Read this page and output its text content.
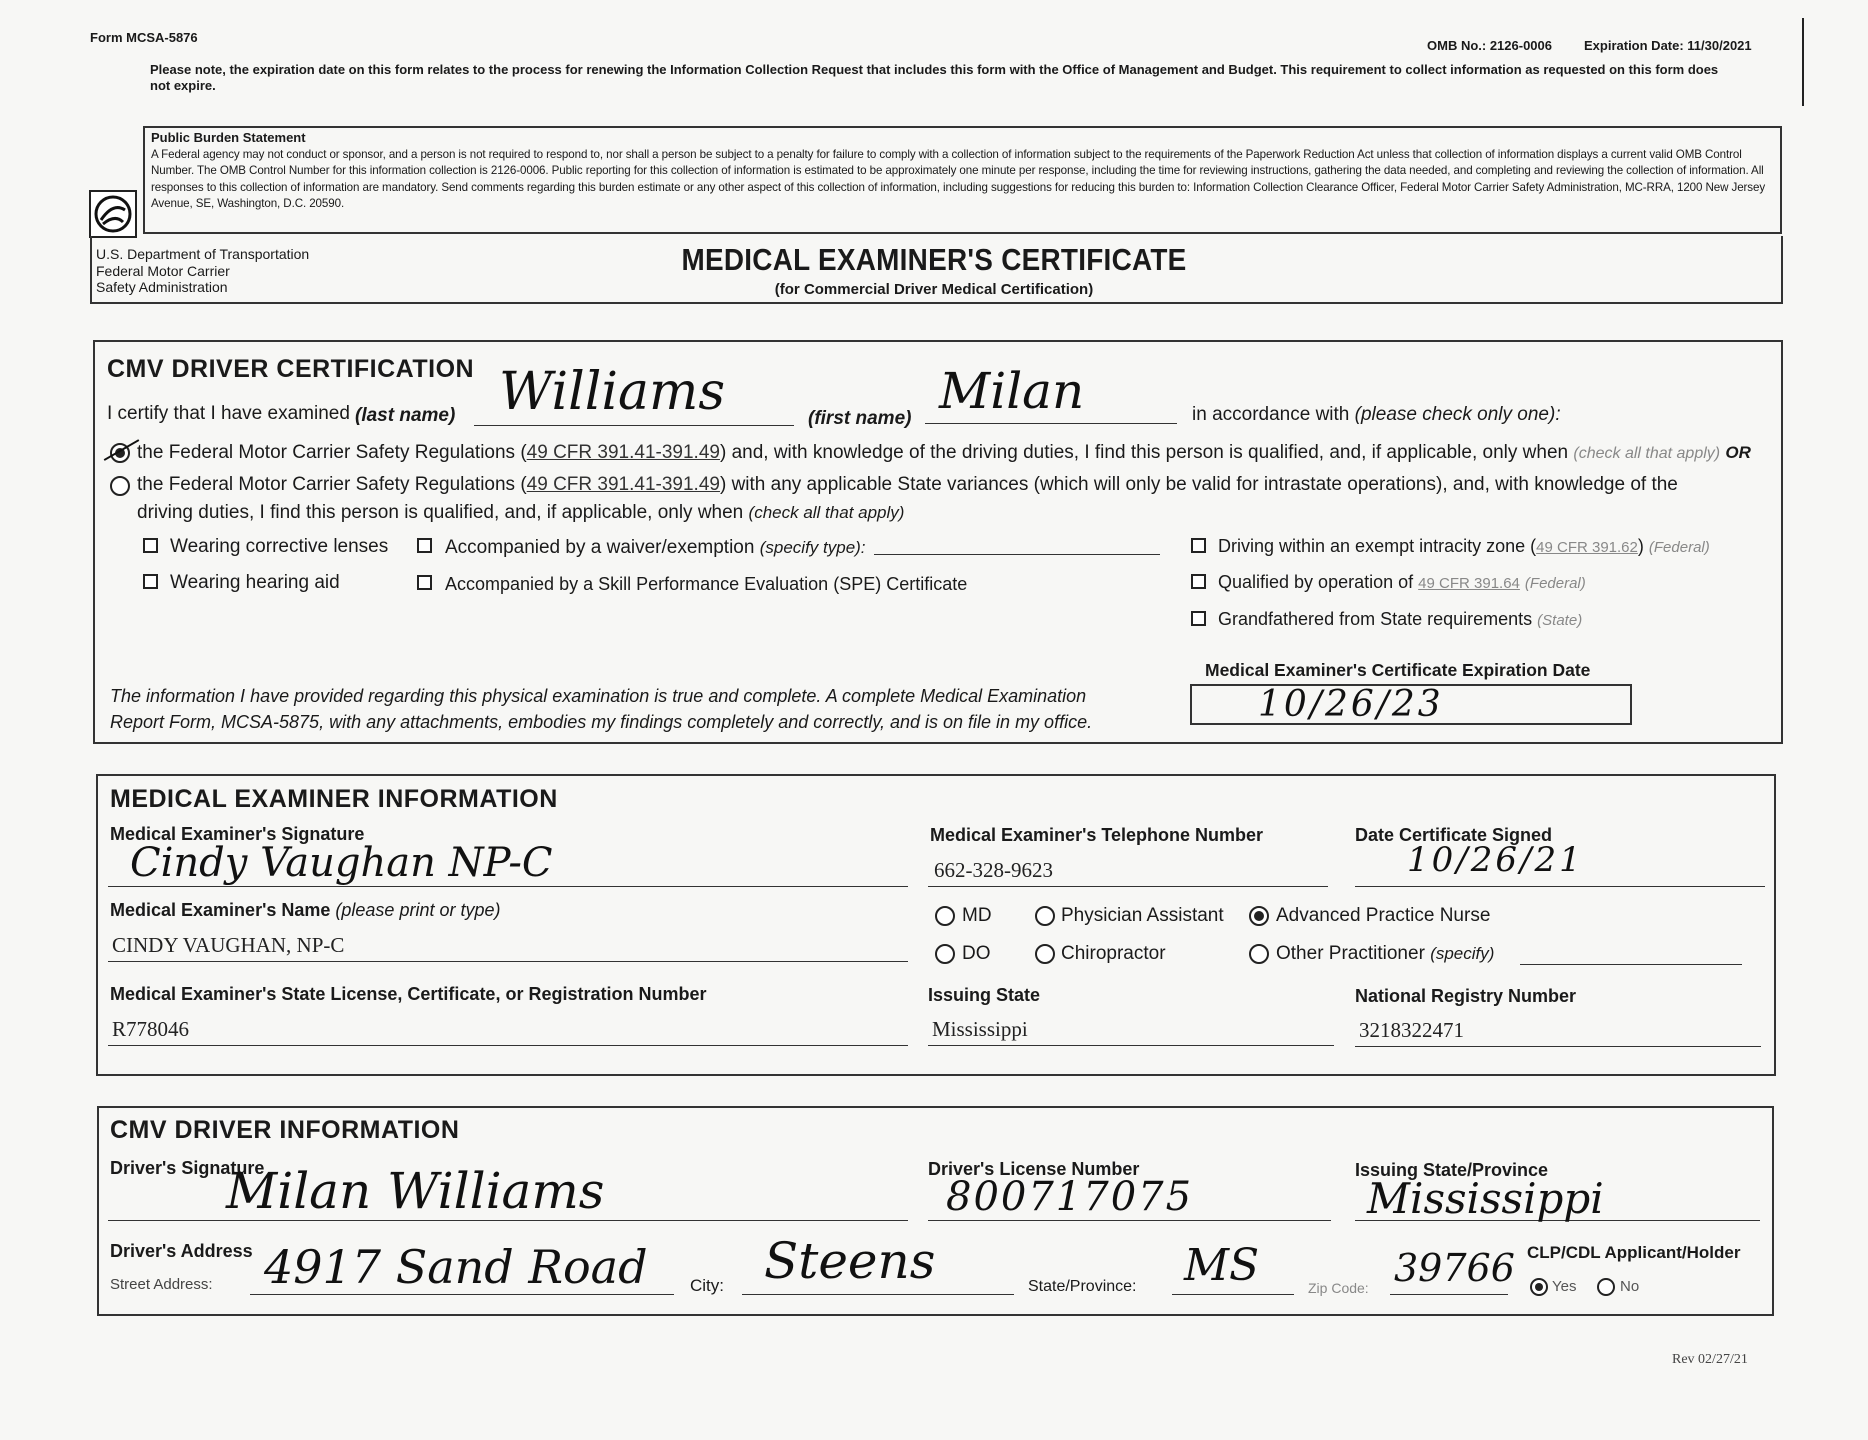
Form MCSA-5876
OMB No.: 2126-0006 Expiration Date: 11/30/2021
Please note, the expiration date on this form relates to the process for renewing the Information Collection Request that includes this form with the Office of Management and Budget. This requirement to collect information as requested on this form does not expire.
Public Burden Statement
A Federal agency may not conduct or sponsor, and a person is not required to respond to, nor shall a person be subject to a penalty for failure to comply with a collection of information subject to the requirements of the Paperwork Reduction Act unless that collection of information displays a current valid OMB Control Number. The OMB Control Number for this information collection is 2126-0006. Public reporting for this collection of information is estimated to be approximately one minute per response, including the time for reviewing instructions, gathering the data needed, and completing and reviewing the collection of information. All responses to this collection of information are mandatory. Send comments regarding this burden estimate or any other aspect of this collection of information, including suggestions for reducing this burden to: Information Collection Clearance Officer, Federal Motor Carrier Safety Administration, MC-RRA, 1200 New Jersey Avenue, SE, Washington, D.C. 20590.
U.S. Department of Transportation
Federal Motor Carrier
Safety Administration
MEDICAL EXAMINER'S CERTIFICATE
(for Commercial Driver Medical Certification)
CMV DRIVER CERTIFICATION
I certify that I have examined (last name) Williams	(first name) Milan	in accordance with (please check only one):
the Federal Motor Carrier Safety Regulations (49 CFR 391.41-391.49) and, with knowledge of the driving duties, I find this person is qualified, and, if applicable, only when (check all that apply) OR
the Federal Motor Carrier Safety Regulations (49 CFR 391.41-391.49) with any applicable State variances (which will only be valid for intrastate operations), and, with knowledge of the
driving duties, I find this person is qualified, and, if applicable, only when (check all that apply)
Wearing corrective lenses	Accompanied by a waiver/exemption (specify type):	Driving within an exempt intracity zone (49 CFR 391.62) (Federal)
Wearing hearing aid	Accompanied by a Skill Performance Evaluation (SPE) Certificate	Qualified by operation of 49 CFR 391.64 (Federal)
Grandfathered from State requirements (State)
The information I have provided regarding this physical examination is true and complete. A complete Medical Examination
Report Form, MCSA-5875, with any attachments, embodies my findings completely and correctly, and is on file in my office.
Medical Examiner's Certificate Expiration Date
10/26/23
MEDICAL EXAMINER INFORMATION
Medical Examiner's Signature
Cindy Vaughan NP-C
Medical Examiner's Telephone Number
662-328-9623
Date Certificate Signed
10/26/21
Medical Examiner's Name (please print or type)
CINDY VAUGHAN, NP-C
MD	Physician Assistant	Advanced Practice Nurse
DO	Chiropractor	Other Practitioner (specify)
Medical Examiner's State License, Certificate, or Registration Number
R778046
Issuing State
Mississippi
National Registry Number
3218322471
CMV DRIVER INFORMATION
Driver's Signature
Milan Williams	Driver's License Number
800717075
Issuing State/Province
Mississippi
Driver's Address
Street Address: 4917 Sand Road City: Steens	State/Province: MS	Zip Code: 39766 CLP/CDL Applicant/Holder
Yes	No
Rev 02/27/21
